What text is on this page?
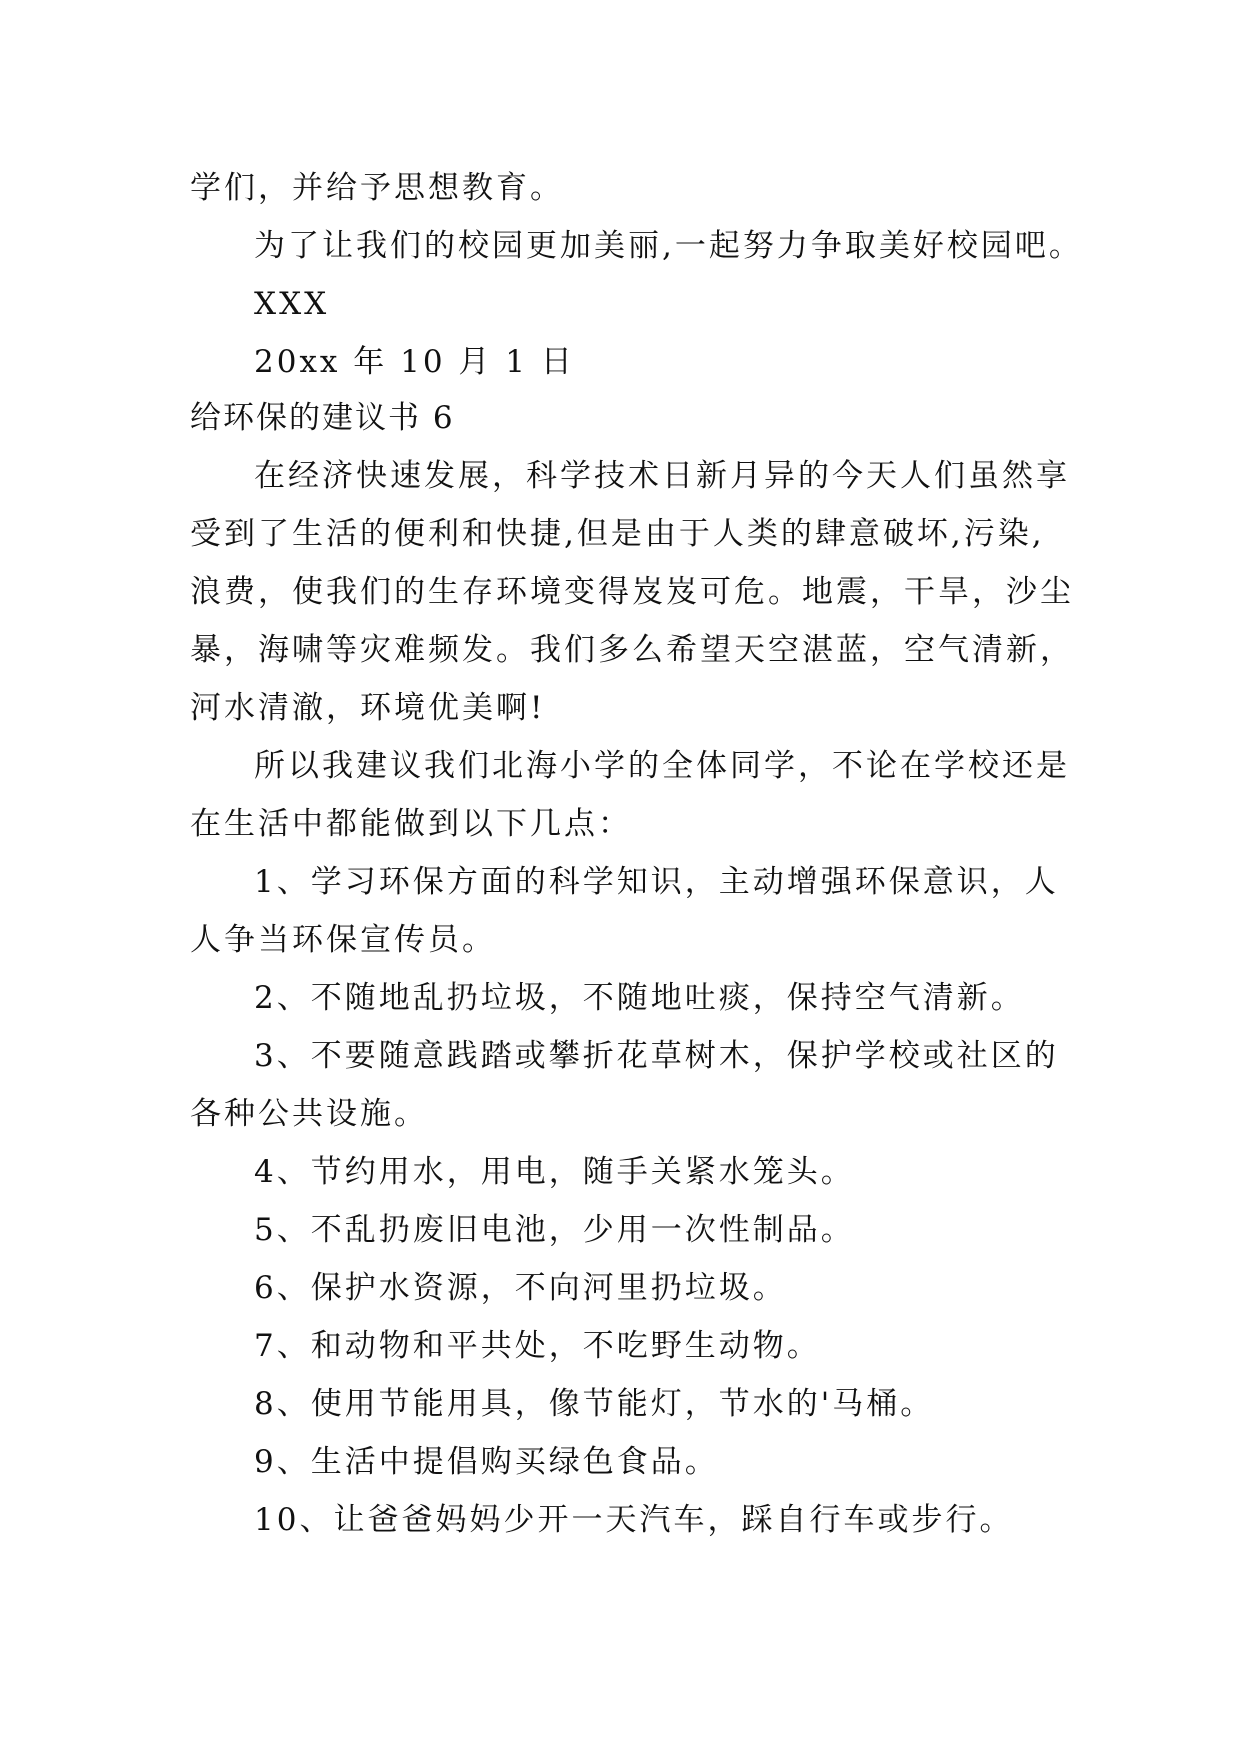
学们，并给予思想教育。
为了让我们的校园更加美丽,一起努力争取美好校园吧。
XXX
20xx 年 10 月 1 日
给环保的建议书 6
在经济快速发展，科学技术日新月异的今天人们虽然享
受到了生活的便利和快捷,但是由于人类的肆意破坏,污染,
浪费，使我们的生存环境变得岌岌可危。地震，干旱，沙尘
暴，海啸等灾难频发。我们多么希望天空湛蓝，空气清新，
河水清澈，环境优美啊!
所以我建议我们北海小学的全体同学，不论在学校还是
在生活中都能做到以下几点：
1、学习环保方面的科学知识，主动增强环保意识，人
人争当环保宣传员。
2、不随地乱扔垃圾，不随地吐痰，保持空气清新。
3、不要随意践踏或攀折花草树木，保护学校或社区的
各种公共设施。
4、节约用水，用电，随手关紧水笼头。
5、不乱扔废旧电池，少用一次性制品。
6、保护水资源，不向河里扔垃圾。
7、和动物和平共处，不吃野生动物。
8、使用节能用具，像节能灯，节水的'马桶。
9、生活中提倡购买绿色食品。
10、让爸爸妈妈少开一天汽车，踩自行车或步行。
